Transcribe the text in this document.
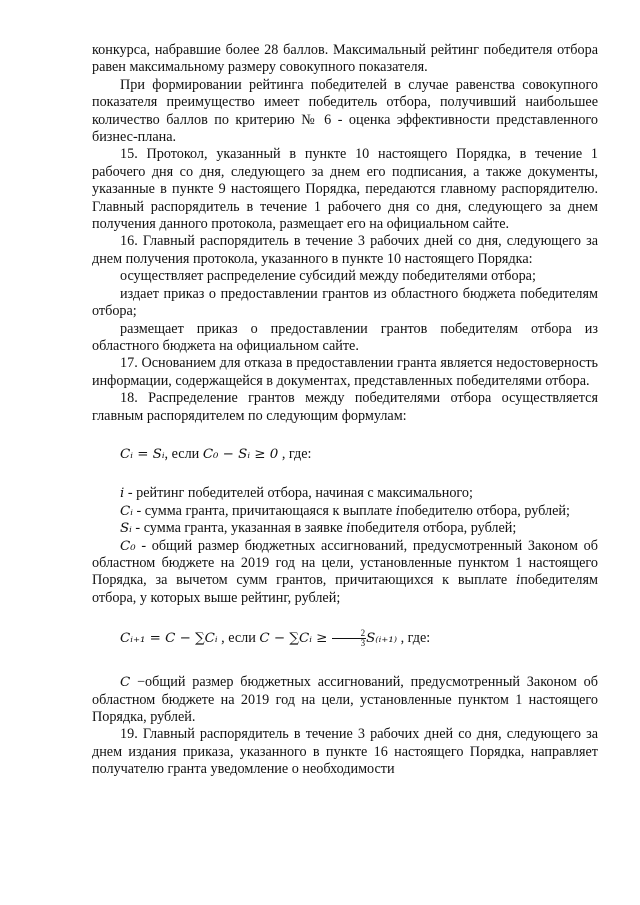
конкурса, набравшие более 28 баллов. Максимальный рейтинг победителя отбора равен максимальному размеру совокупного показателя.

При формировании рейтинга победителей в случае равенства совокупного показателя преимущество имеет победитель отбора, получивший наибольшее количество баллов по критерию № 6 - оценка эффективности представленного бизнес-плана.

15. Протокол, указанный в пункте 10 настоящего Порядка, в течение 1 рабочего дня со дня, следующего за днем его подписания, а также документы, указанные в пункте 9 настоящего Порядка, передаются главному распорядителю. Главный распорядитель в течение 1 рабочего дня со дня, следующего за днем получения данного протокола, размещает его на официальном сайте.

16. Главный распорядитель в течение 3 рабочих дней со дня, следующего за днем получения протокола, указанного в пункте 10 настоящего Порядка:

осуществляет распределение субсидий между победителями отбора;

издает приказ о предоставлении грантов из областного бюджета победителям отбора;

размещает приказ о предоставлении грантов победителям отбора из областного бюджета на официальном сайте.

17. Основанием для отказа в предоставлении гранта является недостоверность информации, содержащейся в документах, представленных победителями отбора.

18. Распределение грантов между победителями отбора осуществляется главным распорядителем по следующим формулам:

Cᵢ = Sᵢ, если C₀ − Sᵢ ≥ 0 , где:

i - рейтинг победителей отбора, начиная с максимального;

Cᵢ - сумма гранта, причитающаяся к выплате iпобедителю отбора, рублей;

Sᵢ - сумма гранта, указанная в заявке iпобедителя отбора, рублей;

C₀ - общий размер бюджетных ассигнований, предусмотренный Законом об областном бюджете на 2019 год на цели, установленные пунктом 1 настоящего Порядка, за вычетом сумм грантов, причитающихся к выплате iпобедителям отбора, у которых выше рейтинг, рублей;

Cᵢ₊₁ = C − ∑Cᵢ , если C − ∑Cᵢ ≥ $\frac{2}{3}$ S₍ᵢ₊₁₎ , где:

C −общий размер бюджетных ассигнований, предусмотренный Законом об областном бюджете на 2019 год на цели, установленные пунктом 1 настоящего Порядка, рублей.

19. Главный распорядитель в течение 3 рабочих дней со дня, следующего за днем издания приказа, указанного в пункте 16 настоящего Порядка, направляет получателю гранта уведомление о необходимости
